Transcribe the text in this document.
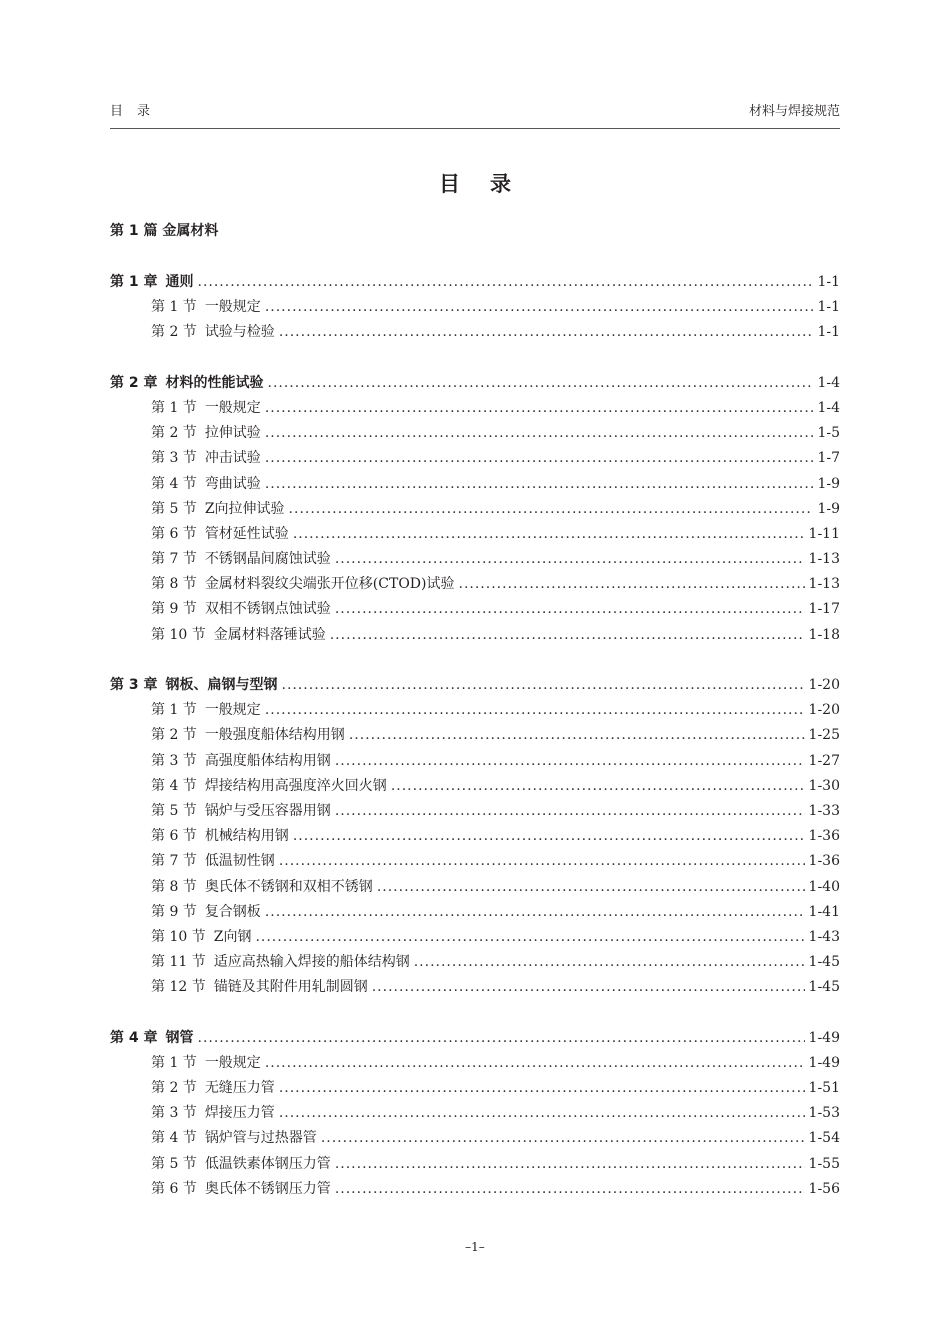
目录	材料与焊接规范
目录
第 1 篇 金属材料
第 1 章 通则 .....	1-1
第 1 节 一般规定 .....	1-1
第 2 节 试验与检验 .....	1-1
第 2 章 材料的性能试验 .....	1-4
第 1 节 一般规定 .....	1-4
第 2 节 拉伸试验 .....	1-5
第 3 节 冲击试验 .....	1-7
第 4 节 弯曲试验 .....	1-9
第 5 节 Z向拉伸试验 .....	1-9
第 6 节 管材延性试验 .....	1-11
第 7 节 不锈钢晶间腐蚀试验 .....	1-13
第 8 节 金属材料裂纹尖端张开位移(CTOD)试验 .....	1-13
第 9 节 双相不锈钢点蚀试验 .....	1-17
第 10 节 金属材料落锤试验 .....	1-18
第 3 章 钢板、扁钢与型钢 .....	1-20
第 1 节 一般规定 .....	1-20
第 2 节 一般强度船体结构用钢 .....	1-25
第 3 节 高强度船体结构用钢 .....	1-27
第 4 节 焊接结构用高强度淬火回火钢 .....	1-30
第 5 节 锅炉与受压容器用钢 .....	1-33
第 6 节 机械结构用钢 .....	1-36
第 7 节 低温韧性钢 .....	1-36
第 8 节 奥氏体不锈钢和双相不锈钢 .....	1-40
第 9 节 复合钢板 .....	1-41
第 10 节 Z向钢 .....	1-43
第 11 节 适应高热输入焊接的船体结构钢 .....	1-45
第 12 节 锚链及其附件用轧制圆钢 .....	1-45
第 4 章 钢管 .....	1-49
第 1 节 一般规定 .....	1-49
第 2 节 无缝压力管 .....	1-51
第 3 节 焊接压力管 .....	1-53
第 4 节 锅炉管与过热器管 .....	1-54
第 5 节 低温铁素体钢压力管 .....	1-55
第 6 节 奥氏体不锈钢压力管 .....	1-56
–1–
